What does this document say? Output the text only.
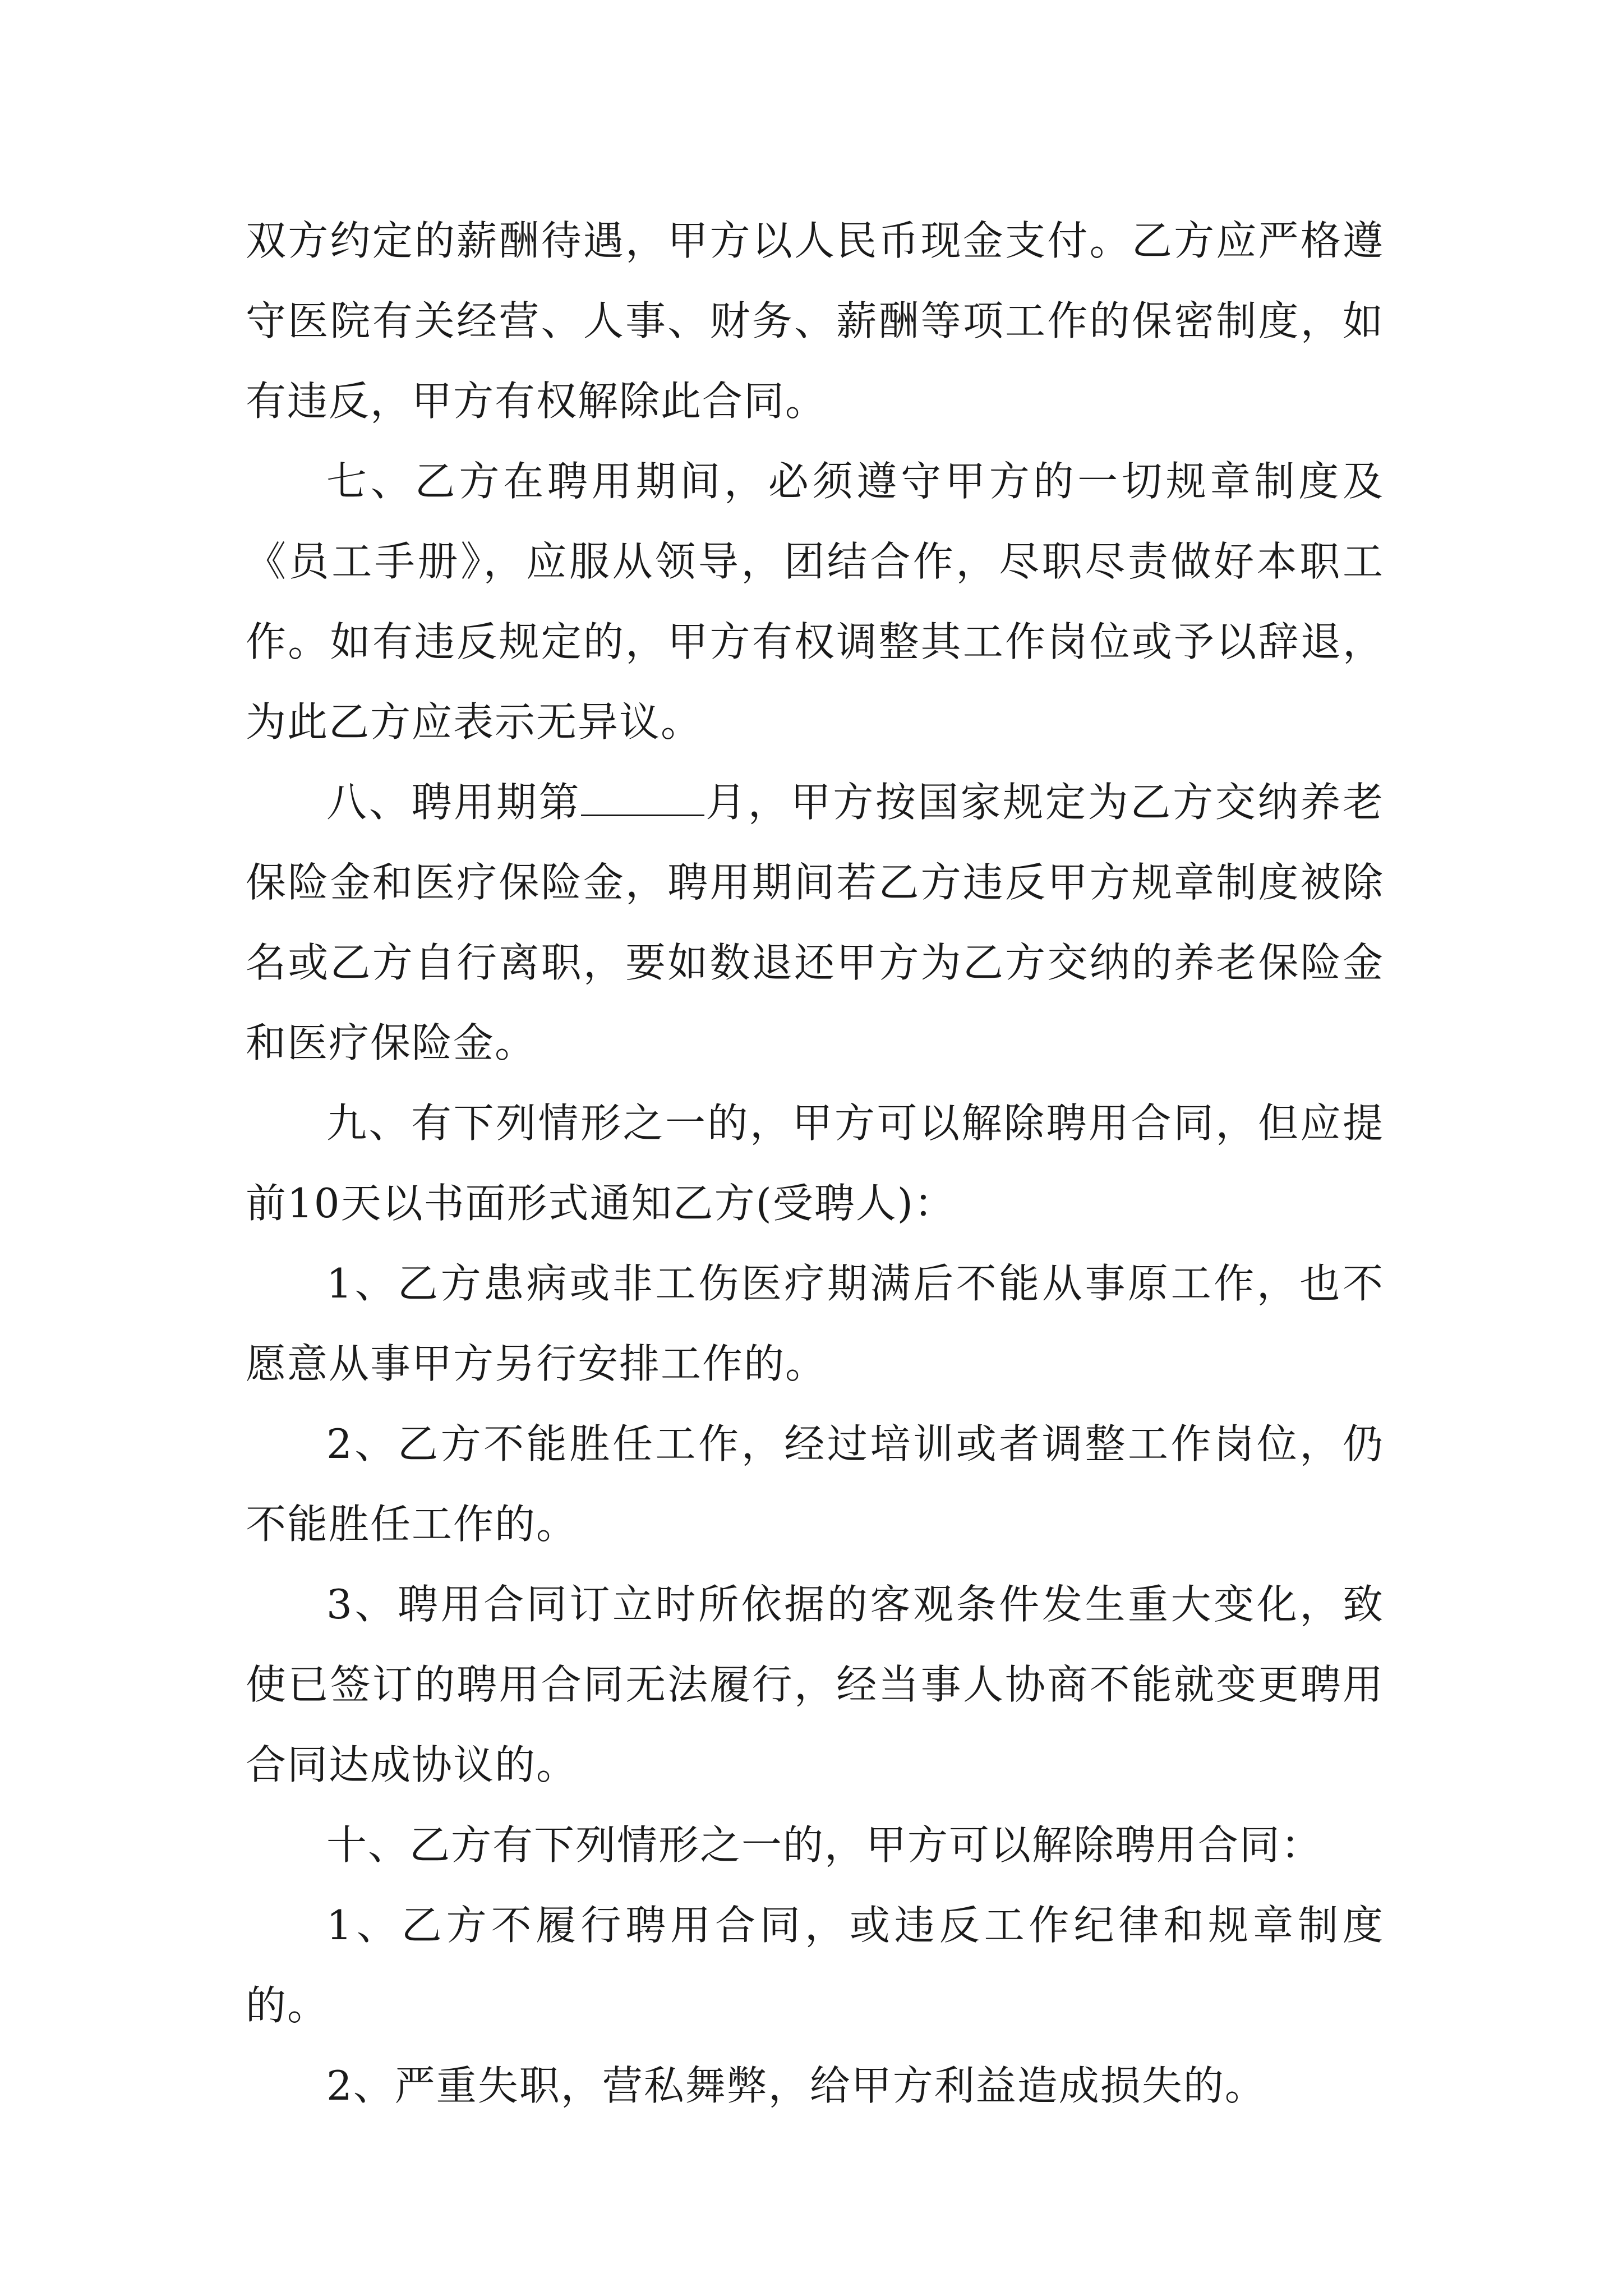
双方约定的薪酬待遇，甲方以人民币现金支付。乙方应严格遵守医院有关经营、人事、财务、薪酬等项工作的保密制度，如有违反，甲方有权解除此合同。

七、乙方在聘用期间，必须遵守甲方的一切规章制度及《员工手册》，应服从领导，团结合作，尽职尽责做好本职工作。如有违反规定的，甲方有权调整其工作岗位或予以辞退，为此乙方应表示无异议。

八、聘用期第	月，甲方按国家规定为乙方交纳养老保险金和医疗保险金，聘用期间若乙方违反甲方规章制度被除名或乙方自行离职，要如数退还甲方为乙方交纳的养老保险金和医疗保险金。

九、有下列情形之一的，甲方可以解除聘用合同，但应提前10天以书面形式通知乙方(受聘人)：

1、乙方患病或非工伤医疗期满后不能从事原工作，也不愿意从事甲方另行安排工作的。

2、乙方不能胜任工作，经过培训或者调整工作岗位，仍不能胜任工作的。

3、聘用合同订立时所依据的客观条件发生重大变化，致使已签订的聘用合同无法履行，经当事人协商不能就变更聘用合同达成协议的。

十、乙方有下列情形之一的，甲方可以解除聘用合同：

1、乙方不履行聘用合同，或违反工作纪律和规章制度的。

2、严重失职，营私舞弊，给甲方利益造成损失的。
